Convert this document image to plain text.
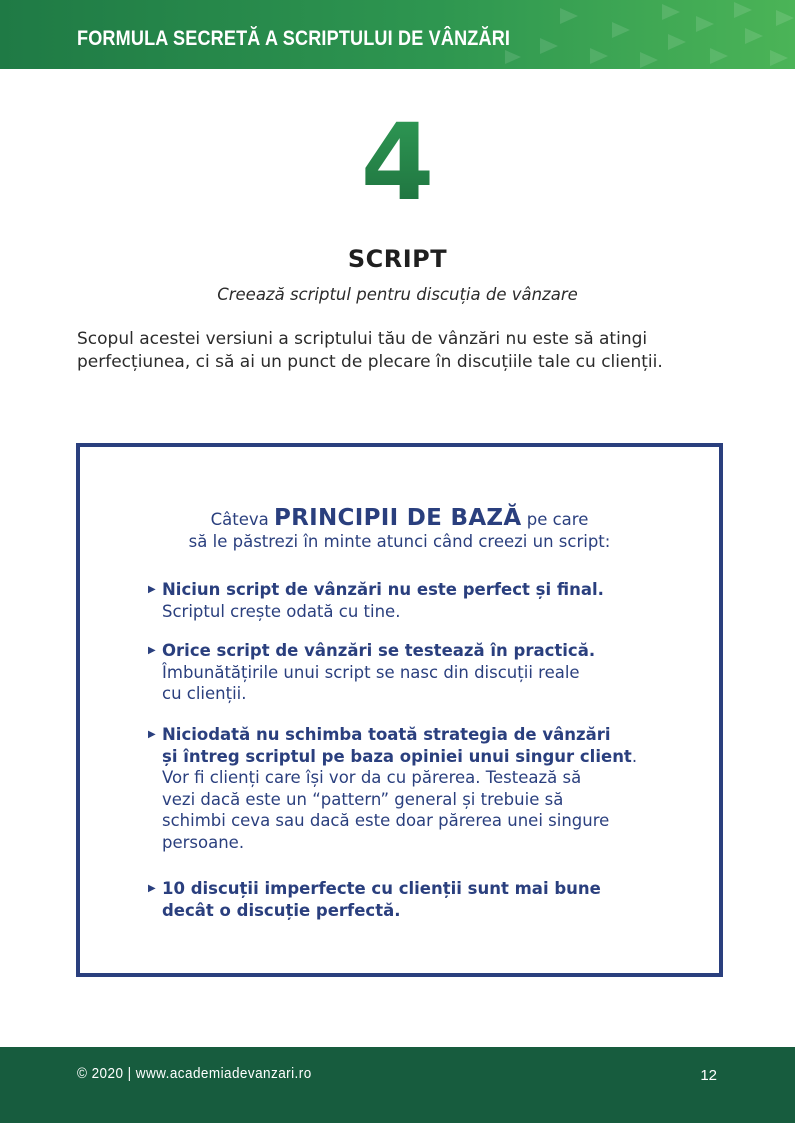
FORMULA SECRETĂ A SCRIPTULUI DE VÂNZĂRI
4
SCRIPT
Creează scriptul pentru discuția de vânzare

Scopul acestei versiuni a scriptului tău de vânzări nu este să atingi

perfecțiunea, ci să ai un punct de plecare în discuțiile tale cu clienții.

Câteva PRINCIPII DE BAZĂ pe care

să le păstrezi în minte atunci când creezi un script:

▶ Niciun script de vânzări nu este perfect și final.

Scriptul crește odată cu tine.

▶ Orice script de vânzări se testează în practică.

Îmbunătățirile unui script se nasc din discuții reale

cu clienții.

▶ Niciodată nu schimba toată strategia de vânzări

și întreg scriptul pe baza opiniei unui singur client

.

Vor fi clienți care își vor da cu părerea. Testează să

vezi dacă este un “pattern” general și trebuie să

schimbi ceva sau dacă este doar părerea unei singure

persoane.

▶ 10 discuții imperfecte cu clienții sunt mai bune

decât o discuție perfectă.

© 2020 | www.academiadevanzari.ro	12
